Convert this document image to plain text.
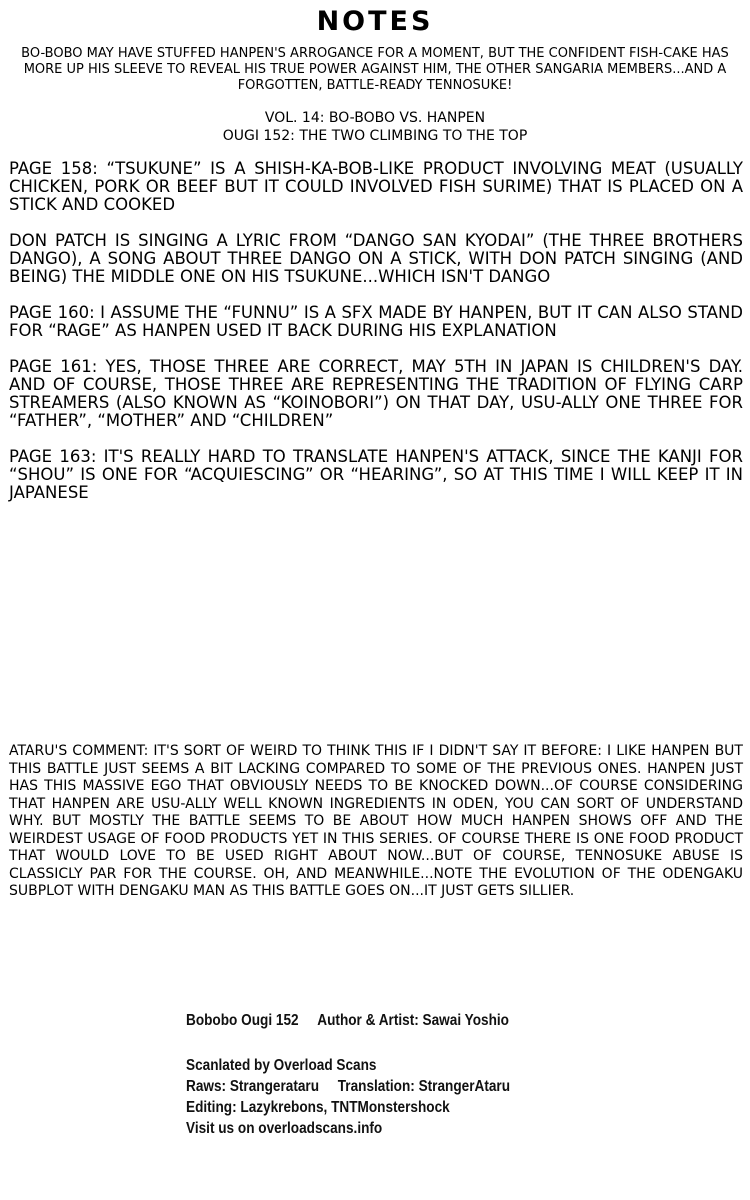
NOTES
BO-BOBO MAY HAVE STUFFED HANPEN'S ARROGANCE FOR A MOMENT, BUT THE CONFIDENT FISH-CAKE HAS MORE UP HIS SLEEVE TO REVEAL HIS TRUE POWER AGAINST HIM, THE OTHER SANGARIA MEMBERS...AND A FORGOTTEN, BATTLE-READY TENNOSUKE!
VOL. 14: BO-BOBO VS. HANPEN
OUGI 152: THE TWO CLIMBING TO THE TOP

PAGE 158: “TSUKUNE” IS A SHISH-KA-BOB-LIKE PRODUCT INVOLVING MEAT (USUALLY CHICKEN, PORK OR BEEF BUT IT COULD INVOLVED FISH SURIME) THAT IS PLACED ON A STICK AND COOKED

DON PATCH IS SINGING A LYRIC FROM “DANGO SAN KYODAI” (THE THREE BROTHERS DANGO), A SONG ABOUT THREE DANGO ON A STICK, WITH DON PATCH SINGING (AND BEING) THE MIDDLE ONE ON HIS TSUKUNE...WHICH ISN'T DANGO

PAGE 160: I ASSUME THE “FUNNU” IS A SFX MADE BY HANPEN, BUT IT CAN ALSO STAND FOR “RAGE” AS HANPEN USED IT BACK DURING HIS EXPLANATION

PAGE 161: YES, THOSE THREE ARE CORRECT, MAY 5TH IN JAPAN IS CHILDREN'S DAY. AND OF COURSE, THOSE THREE ARE REPRESENTING THE TRADITION OF FLYING CARP STREAMERS (ALSO KNOWN AS “KOINOBORI”) ON THAT DAY, USU-ALLY ONE THREE FOR “FATHER”, “MOTHER” AND “CHILDREN”

PAGE 163: IT'S REALLY HARD TO TRANSLATE HANPEN'S ATTACK, SINCE THE KANJI FOR “SHOU” IS ONE FOR “ACQUIESCING” OR “HEARING”, SO AT THIS TIME I WILL KEEP IT IN JAPANESE

ATARU'S COMMENT: IT'S SORT OF WEIRD TO THINK THIS IF I DIDN'T SAY IT BEFORE: I LIKE HANPEN BUT THIS BATTLE JUST SEEMS A BIT LACKING COMPARED TO SOME OF THE PREVIOUS ONES. HANPEN JUST HAS THIS MASSIVE EGO THAT OBVIOUSLY NEEDS TO BE KNOCKED DOWN...OF COURSE CONSIDERING THAT HANPEN ARE USU-ALLY WELL KNOWN INGREDIENTS IN ODEN, YOU CAN SORT OF UNDERSTAND WHY. BUT MOSTLY THE BATTLE SEEMS TO BE ABOUT HOW MUCH HANPEN SHOWS OFF AND THE WEIRDEST USAGE OF FOOD PRODUCTS YET IN THIS SERIES. OF COURSE THERE IS ONE FOOD PRODUCT THAT WOULD LOVE TO BE USED RIGHT ABOUT NOW...BUT OF COURSE, TENNOSUKE ABUSE IS CLASSICLY PAR FOR THE COURSE. OH, AND MEANWHILE...NOTE THE EVOLUTION OF THE ODENGAKU SUBPLOT WITH DENGAKU MAN AS THIS BATTLE GOES ON...IT JUST GETS SILLIER.
Bobobo Ougi 152 Author & Artist: Sawai Yoshio
Scanlated by Overload Scans
Raws: Strangerataru Translation: StrangerAtaru
Editing: Lazykrebons, TNTMonstershock
Visit us on overloadscans.info
